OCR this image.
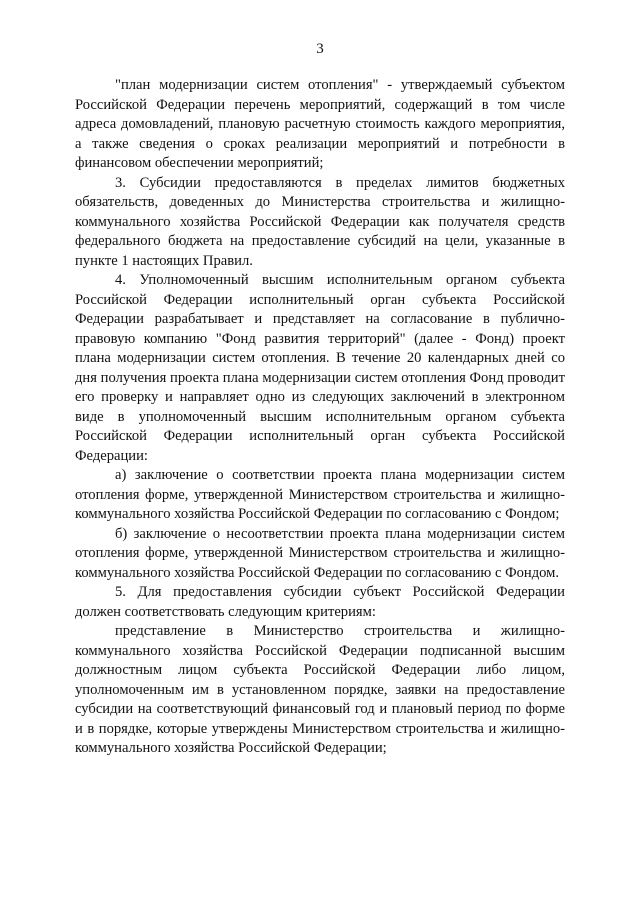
3

"план модернизации систем отопления" - утверждаемый субъектом Российской Федерации перечень мероприятий, содержащий в том числе адреса домовладений, плановую расчетную стоимость каждого мероприятия, а также сведения о сроках реализации мероприятий и потребности в финансовом обеспечении мероприятий;

3. Субсидии предоставляются в пределах лимитов бюджетных обязательств, доведенных до Министерства строительства и жилищно-коммунального хозяйства Российской Федерации как получателя средств федерального бюджета на предоставление субсидий на цели, указанные в пункте 1 настоящих Правил.

4. Уполномоченный высшим исполнительным органом субъекта Российской Федерации исполнительный орган субъекта Российской Федерации разрабатывает и представляет на согласование в публично-правовую компанию "Фонд развития территорий" (далее - Фонд) проект плана модернизации систем отопления. В течение 20 календарных дней со дня получения проекта плана модернизации систем отопления Фонд проводит его проверку и направляет одно из следующих заключений в электронном виде в уполномоченный высшим исполнительным органом субъекта Российской Федерации исполнительный орган субъекта Российской Федерации:

а) заключение о соответствии проекта плана модернизации систем отопления форме, утвержденной Министерством строительства и жилищно-коммунального хозяйства Российской Федерации по согласованию с Фондом;

б) заключение о несоответствии проекта плана модернизации систем отопления форме, утвержденной Министерством строительства и жилищно-коммунального хозяйства Российской Федерации по согласованию с Фондом.

5. Для предоставления субсидии субъект Российской Федерации должен соответствовать следующим критериям:

представление в Министерство строительства и жилищно-коммунального хозяйства Российской Федерации подписанной высшим должностным лицом субъекта Российской Федерации либо лицом, уполномоченным им в установленном порядке, заявки на предоставление субсидии на соответствующий финансовый год и плановый период по форме и в порядке, которые утверждены Министерством строительства и жилищно-коммунального хозяйства Российской Федерации;
